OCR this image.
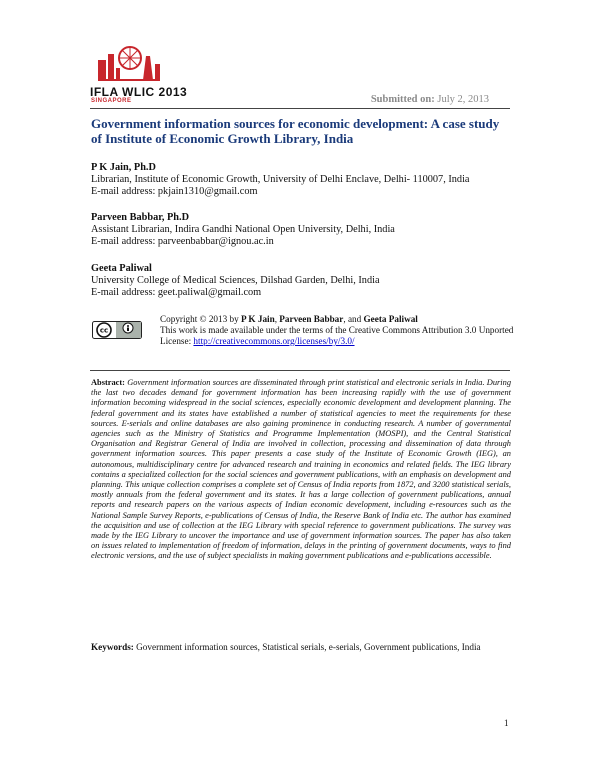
IFLA WLIC 2013
SINGAPORE	Submitted on: July 2, 2013
Government information sources for economic development: A case study of Institute of Economic Growth Library, India
P K Jain, Ph.D
Librarian, Institute of Economic Growth, University of Delhi Enclave, Delhi- 110007, India
E-mail address: pkjain1310@gmail.com
Parveen Babbar, Ph.D
Assistant Librarian, Indira Gandhi National Open University, Delhi, India
E-mail address: parveenbabbar@ignou.ac.in
Geeta Paliwal
University College of Medical Sciences, Dilshad Garden, Delhi, India
E-mail address: geet.paliwal@gmail.com
cc
Copyright © 2013 by P K Jain, Parveen Babbar, and Geeta Paliwal
This work is made available under the terms of the Creative Commons Attribution 3.0 Unported License: http://creativecommons.org/licenses/by/3.0/
Abstract: Government information sources are disseminated through print statistical and electronic serials in India. During the last two decades demand for government information has been increasing rapidly with the use of government information becoming widespread in the social sciences, especially economic development and development planning. The federal government and its states have established a number of statistical agencies to meet the requirements for these sources. E-serials and online databases are also gaining prominence in conducting research. A number of governmental agencies such as the Ministry of Statistics and Programme Implementation (MOSPI), and the Central Statistical Organisation and Registrar General of India are involved in collection, processing and dissemination of data through government information sources. This paper presents a case study of the Institute of Economic Growth (IEG), an autonomous, multidisciplinary centre for advanced research and training in economics and related fields. The IEG library contains a specialized collection for the social sciences and government publications, with an emphasis on development and planning. This unique collection comprises a complete set of Census of India reports from 1872, and 3200 statistical serials, mostly annuals from the federal government and its states. It has a large collection of government publications, annual reports and research papers on the various aspects of Indian economic development, including e-resources such as the National Sample Survey Reports, e-publications of Census of India, the Reserve Bank of India etc. The author has examined the acquisition and use of collection at the IEG Library with special reference to government publications. The survey was made by the IEG Library to uncover the importance and use of government information sources. The paper has also taken on issues related to implementation of freedom of information, delays in the printing of government documents, ways to find electronic versions, and the use of subject specialists in making government publications and e-publications accessible.
Keywords: Government information sources, Statistical serials, e-serials, Government publications, India
1
